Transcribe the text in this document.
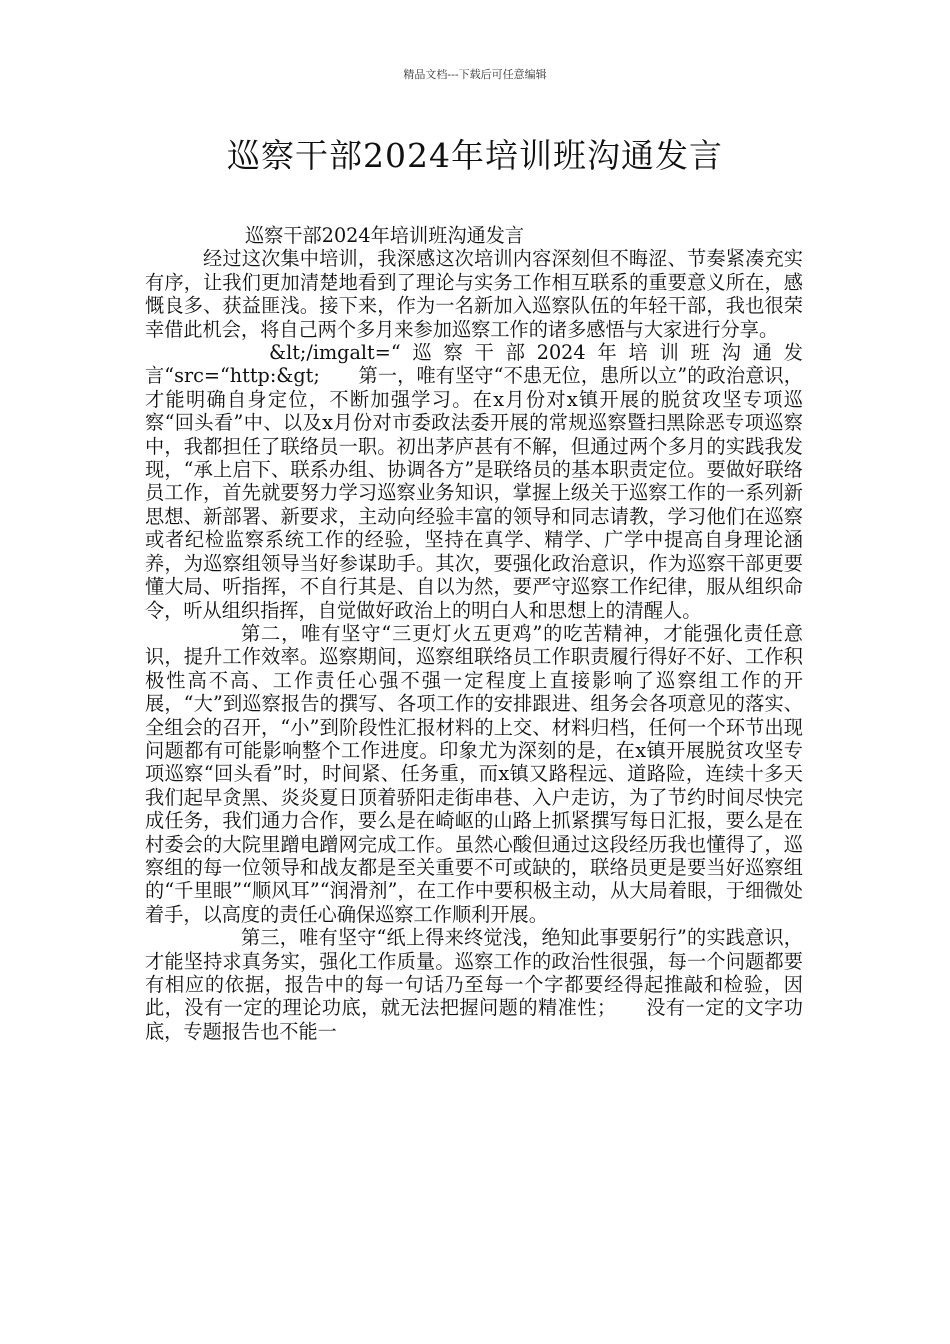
精品文档---下载后可任意编辑
巡察干部2024年培训班沟通发言

巡察干部2024年培训班沟通发言

经过这次集中培训，我深感这次培训内容深刻但不晦涩、节奏紧凑充实有序，让我们更加清楚地看到了理论与实务工作相互联系的重要意义所在，感慨良多、获益匪浅。接下来，作为一名新加入巡察队伍的年轻干部，我也很荣幸借此机会，将自己两个多月来参加巡察工作的诸多感悟与大家进行分享。

&lt;/imgalt=“巡察干部2024年培训班沟通发言“src=“http:&gt;　　第一，唯有坚守“不患无位，患所以立”的政治意识，才能明确自身定位，不断加强学习。在x月份对x镇开展的脱贫攻坚专项巡察“回头看”中、以及x月份对市委政法委开展的常规巡察暨扫黑除恶专项巡察中，我都担任了联络员一职。初出茅庐甚有不解，但通过两个多月的实践我发现，“承上启下、联系办组、协调各方”是联络员的基本职责定位。要做好联络员工作，首先就要努力学习巡察业务知识，掌握上级关于巡察工作的一系列新思想、新部署、新要求，主动向经验丰富的领导和同志请教，学习他们在巡察或者纪检监察系统工作的经验，坚持在真学、精学、广学中提高自身理论涵养，为巡察组领导当好参谋助手。其次，要强化政治意识，作为巡察干部更要懂大局、听指挥，不自行其是、自以为然，要严守巡察工作纪律，服从组织命令，听从组织指挥，自觉做好政治上的明白人和思想上的清醒人。

第二，唯有坚守“三更灯火五更鸡”的吃苦精神，才能强化责任意识，提升工作效率。巡察期间，巡察组联络员工作职责履行得好不好、工作积极性高不高、工作责任心强不强一定程度上直接影响了巡察组工作的开展，“大”到巡察报告的撰写、各项工作的安排跟进、组务会各项意见的落实、全组会的召开，“小”到阶段性汇报材料的上交、材料归档，任何一个环节出现问题都有可能影响整个工作进度。印象尤为深刻的是，在x镇开展脱贫攻坚专项巡察“回头看”时，时间紧、任务重，而x镇又路程远、道路险，连续十多天我们起早贪黑、炎炎夏日顶着骄阳走街串巷、入户走访，为了节约时间尽快完成任务，我们通力合作，要么是在崎岖的山路上抓紧撰写每日汇报，要么是在村委会的大院里蹭电蹭网完成工作。虽然心酸但通过这段经历我也懂得了，巡察组的每一位领导和战友都是至关重要不可或缺的，联络员更是要当好巡察组的“千里眼”“顺风耳”“润滑剂”，在工作中要积极主动，从大局着眼，于细微处着手，以高度的责任心确保巡察工作顺利开展。

第三，唯有坚守“纸上得来终觉浅，绝知此事要躬行”的实践意识，才能坚持求真务实，强化工作质量。巡察工作的政治性很强，每一个问题都要有相应的依据，报告中的每一句话乃至每一个字都要经得起推敲和检验，因此，没有一定的理论功底，就无法把握问题的精准性；　　没有一定的文字功底，专题报告也不能一
